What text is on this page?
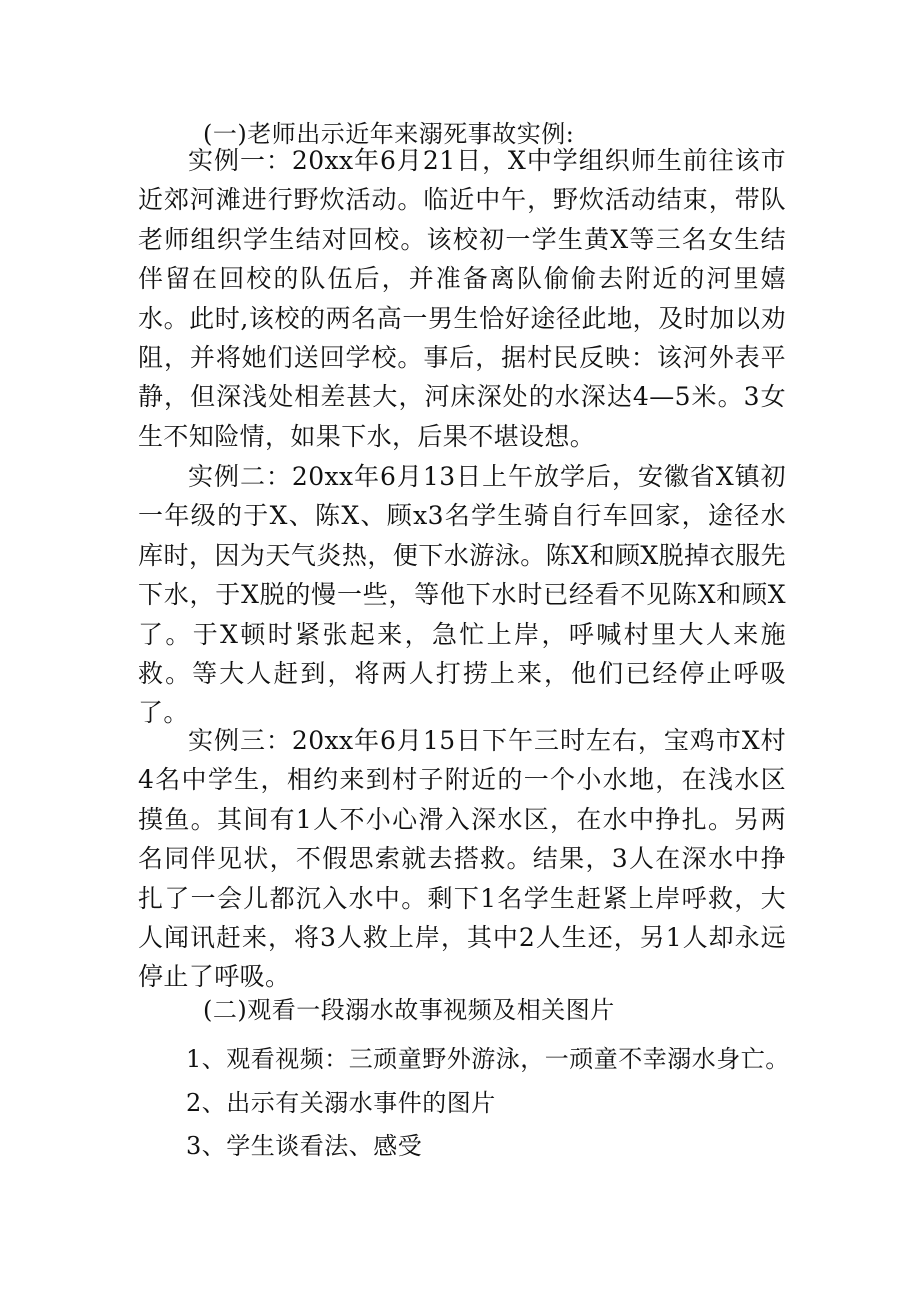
(一)老师出示近年来溺死事故实例:

实例一：20xx年6月21日，X中学组织师生前往该市近郊河滩进行野炊活动。临近中午，野炊活动结束，带队老师组织学生结对回校。该校初一学生黄X等三名女生结伴留在回校的队伍后，并准备离队偷偷去附近的河里嬉水。此时,该校的两名高一男生恰好途径此地，及时加以劝阻，并将她们送回学校。事后，据村民反映：该河外表平静，但深浅处相差甚大，河床深处的水深达4—5米。3女生不知险情，如果下水，后果不堪设想。

实例二：20xx年6月13日上午放学后，安徽省X镇初一年级的于X、陈X、顾x3名学生骑自行车回家，途径水库时，因为天气炎热，便下水游泳。陈X和顾X脱掉衣服先下水，于X脱的慢一些，等他下水时已经看不见陈X和顾X了。于X顿时紧张起来，急忙上岸，呼喊村里大人来施救。等大人赶到，将两人打捞上来，他们已经停止呼吸了。

实例三：20xx年6月15日下午三时左右，宝鸡市X村4名中学生，相约来到村子附近的一个小水地，在浅水区摸鱼。其间有1人不小心滑入深水区，在水中挣扎。另两名同伴见状，不假思索就去搭救。结果，3人在深水中挣扎了一会儿都沉入水中。剩下1名学生赶紧上岸呼救，大人闻讯赶来，将3人救上岸，其中2人生还，另1人却永远停止了呼吸。

(二)观看一段溺水故事视频及相关图片
1、观看视频：三顽童野外游泳，一顽童不幸溺水身亡。
2、出示有关溺水事件的图片
3、学生谈看法、感受
